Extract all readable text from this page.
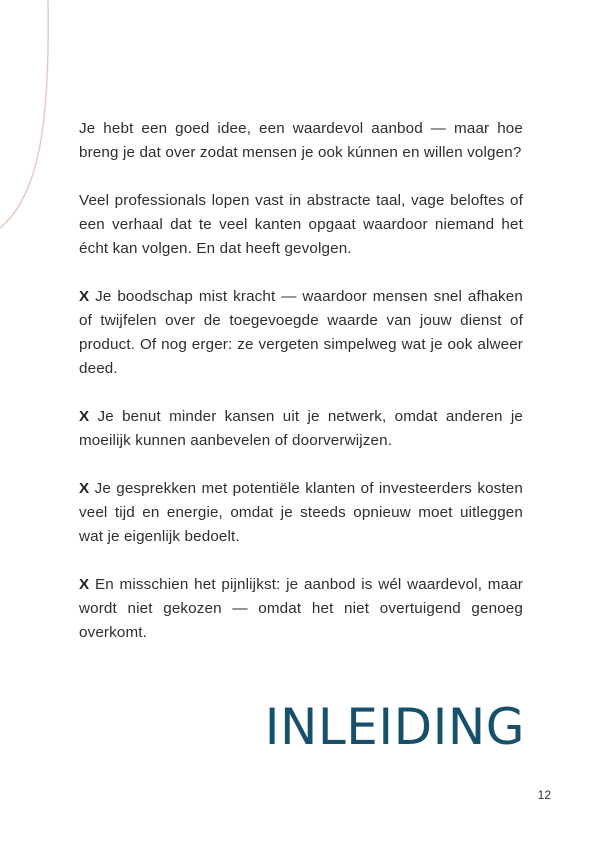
Je hebt een goed idee, een waardevol aanbod — maar hoe breng je dat over zodat mensen je ook kúnnen en willen volgen?

Veel professionals lopen vast in abstracte taal, vage beloftes of een verhaal dat te veel kanten opgaat waardoor niemand het écht kan volgen. En dat heeft gevolgen.

X Je boodschap mist kracht — waardoor mensen snel afhaken of twijfelen over de toegevoegde waarde van jouw dienst of product. Of nog erger: ze vergeten simpelweg wat je ook alweer deed.

X Je benut minder kansen uit je netwerk, omdat anderen je moeilijk kunnen aanbevelen of doorverwijzen.

X Je gesprekken met potentiële klanten of investeerders kosten veel tijd en energie, omdat je steeds opnieuw moet uitleggen wat je eigenlijk bedoelt.

X En misschien het pijnlijkst: je aanbod is wél waardevol, maar wordt niet gekozen — omdat het niet overtuigend genoeg overkomt.

INLEIDING
12
